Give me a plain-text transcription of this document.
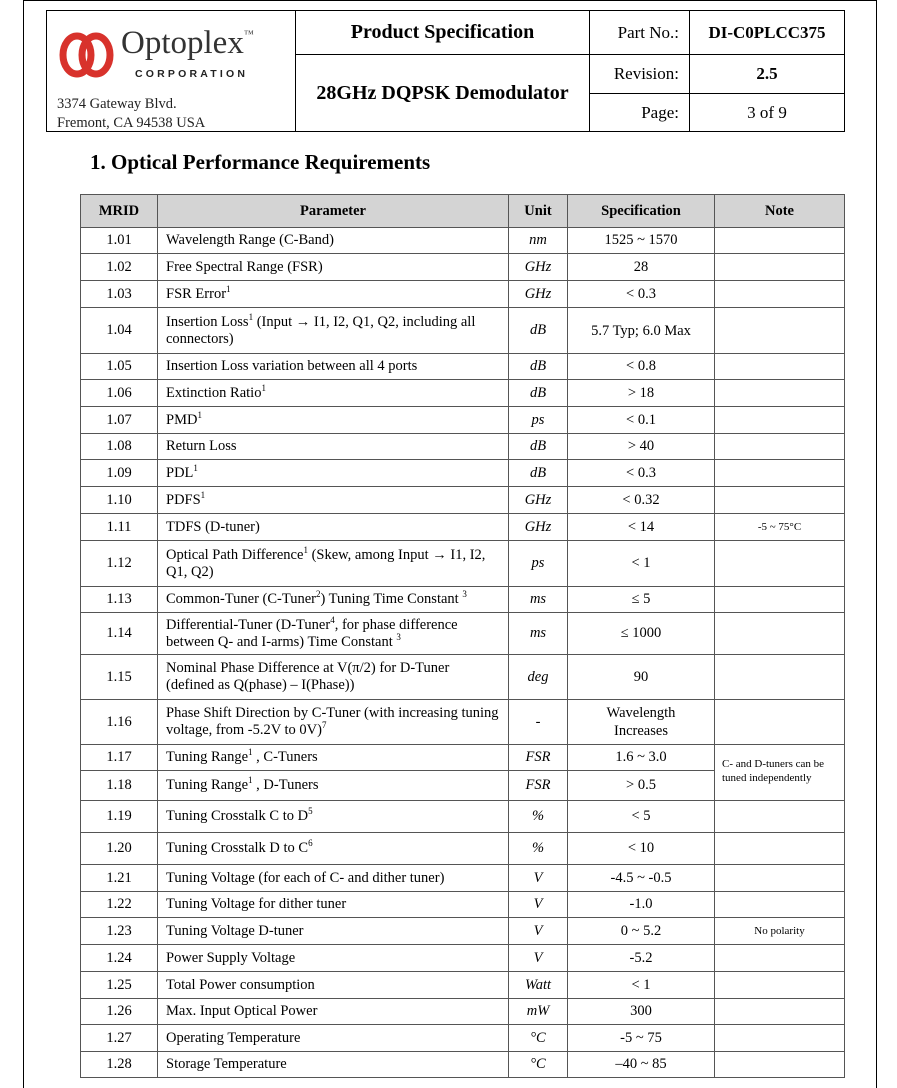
Optoplex™
CORPORATION
3374 Gateway Blvd.
Fremont, CA 94538 USA	Product Specification	Part No.:	DI-C0PLCC375
	28GHz DQPSK Demodulator	Revision:	2.5
		Page:	3 of 9
1. Optical Performance Requirements
MRID	Parameter	Unit	Specification	Note
1.01	Wavelength Range (C-Band)	nm	1525 ~ 1570	
1.02	Free Spectral Range (FSR)	GHz	28	
1.03	FSR Error$^1$	GHz	< 0.3	
1.04	Insertion Loss$^1$ (Input → I1, I2, Q1, Q2, including all connectors)	dB	5.7 Typ; 6.0 Max	
1.05	Insertion Loss variation between all 4 ports	dB	< 0.8	
1.06	Extinction Ratio$^1$	dB	> 18	
1.07	PMD$^1$	ps	< 0.1	
1.08	Return Loss	dB	> 40	
1.09	PDL$^1$	dB	< 0.3	
1.10	PDFS$^1$	GHz	< 0.32	
1.11	TDFS (D-tuner)	GHz	< 14	-5 ~ 75°C
1.12	Optical Path Difference$^1$ (Skew, among Input → I1, I2, Q1, Q2)	ps	< 1	
1.13	Common-Tuner (C-Tuner$^2$) Tuning Time Constant $^3$	ms	≤ 5	
1.14	Differential-Tuner (D-Tuner$^4$, for phase difference between Q- and I-arms) Time Constant $^3$	ms	≤ 1000	
1.15	Nominal Phase Difference at V(π/2) for D-Tuner (defined as Q(phase) – I(Phase))	deg	90	
1.16	Phase Shift Direction by C-Tuner (with increasing tuning voltage, from -5.2V to 0V)$^7$	-	Wavelength Increases	
1.17	Tuning Range$^1$ , C-Tuners	FSR	1.6 ~ 3.0	C- and D-tuners can be tuned independently
1.18	Tuning Range$^1$ , D-Tuners	FSR	> 0.5	
1.19	Tuning Crosstalk C to $D^5$	%	< 5	
1.20	Tuning Crosstalk D to $C^6$	%	< 10	
1.21	Tuning Voltage (for each of C- and dither tuner)	V	-4.5 ~ -0.5	
1.22	Tuning Voltage for dither tuner	V	-1.0	
1.23	Tuning Voltage D-tuner	V	0 ~ 5.2	No polarity
1.24	Power Supply Voltage	V	-5.2	
1.25	Total Power consumption	Watt	< 1	
1.26	Max. Input Optical Power	mW	300	
1.27	Operating Temperature	°C	-5 ~ 75	
1.28	Storage Temperature	°C	–40 ~ 85	
